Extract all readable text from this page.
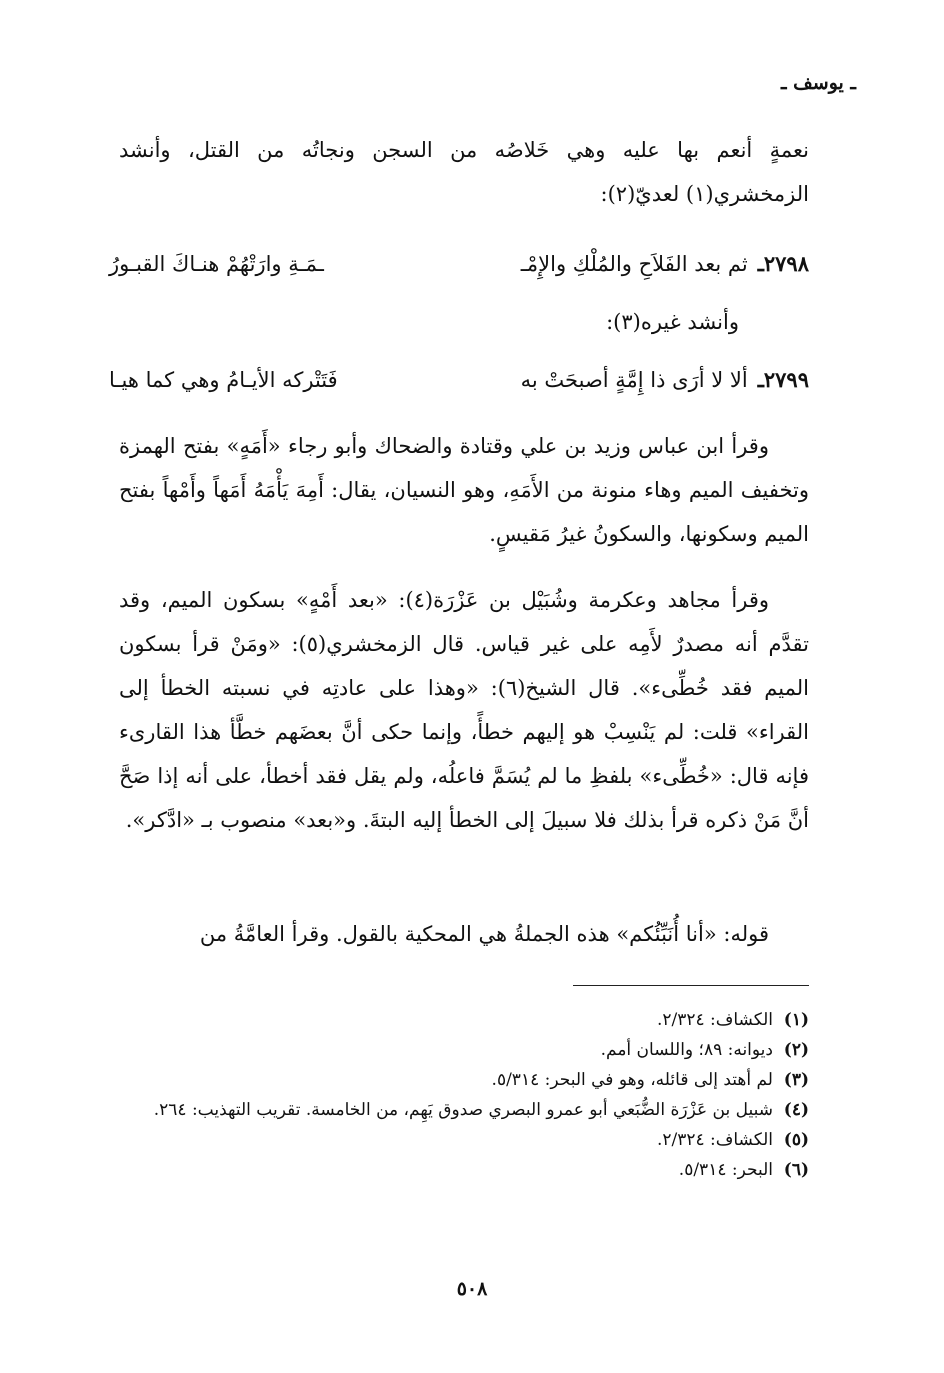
ـ يوسف ـ
نعمةٍ أنعم بها عليه وهي خَلاصُه من السجن ونجاتُه من القتل، وأنشد الزمخشري(١) لعديّ(٢):
٢٧٩٨ـ
ثم بعد الفَلاَحِ والمُلْكِ والإِمْـ
ـمَـةِ وارَتْهُمْ هنـاكَ القبـورُ
وأنشد غيره(٣):
٢٧٩٩ـ
ألا لا أرَى ذا إِمَّةٍ أصبحَتْ به
فَتَتْركه الأيـامُ وهي كما هيـا
وقرأ ابن عباس وزيد بن علي وقتادة والضحاك وأبو رجاء «أَمَهٍ» بفتح الهمزة وتخفيف الميم وهاء منونة من الأَمَهِ، وهو النسيان، يقال: أَمِهَ يَأْمَهُ أَمَهاً وأَمْهاً بفتح الميم وسكونها، والسكونُ غيرُ مَقيسٍ.
وقرأ مجاهد وعكرمة وشُبَيْل بن عَزْرَة(٤): «بعد أَمْهٍ» بسكون الميم، وقد تقدَّم أنه مصدرٌ لأَمِه على غير قياس. قال الزمخشري(٥): «ومَنْ قرأ بسكون الميم فقد خُطِّىء». قال الشيخ(٦): «وهذا على عادتِه في نسبته الخطأ إلى القراء» قلت: لم يَنْسِبْ هو إليهم خطأً، وإنما حكى أنَّ بعضَهم خطَّأ هذا القارىء فإنه قال: «خُطِّىء» بلفظِ ما لم يُسَمَّ فاعلُه، ولم يقل فقد أخطأ، على أنه إذا صَحَّ أنَّ مَنْ ذكره قرأ بذلك فلا سبيلَ إلى الخطأ إليه البتةَ. و«بعد» منصوب بـ «ادَّكر».
قوله: «أنا أُنَبِّئُكم» هذه الجملةُ هي المحكية بالقول. وقرأ العامَّةُ من
(١)
الكشاف: ٢/٣٢٤.
(٢)
ديوانه: ٨٩؛ واللسان أمم.
(٣)
لم أهتد إلى قائله، وهو في البحر: ٥/٣١٤.
(٤)
شبيل بن عَزْرَة الضُّبَعي أبو عمرو البصري صدوق يَهِم، من الخامسة. تقريب التهذيب: ٢٦٤.
(٥)
الكشاف: ٢/٣٢٤.
(٦)
البحر: ٥/٣١٤.
٥٠٨
